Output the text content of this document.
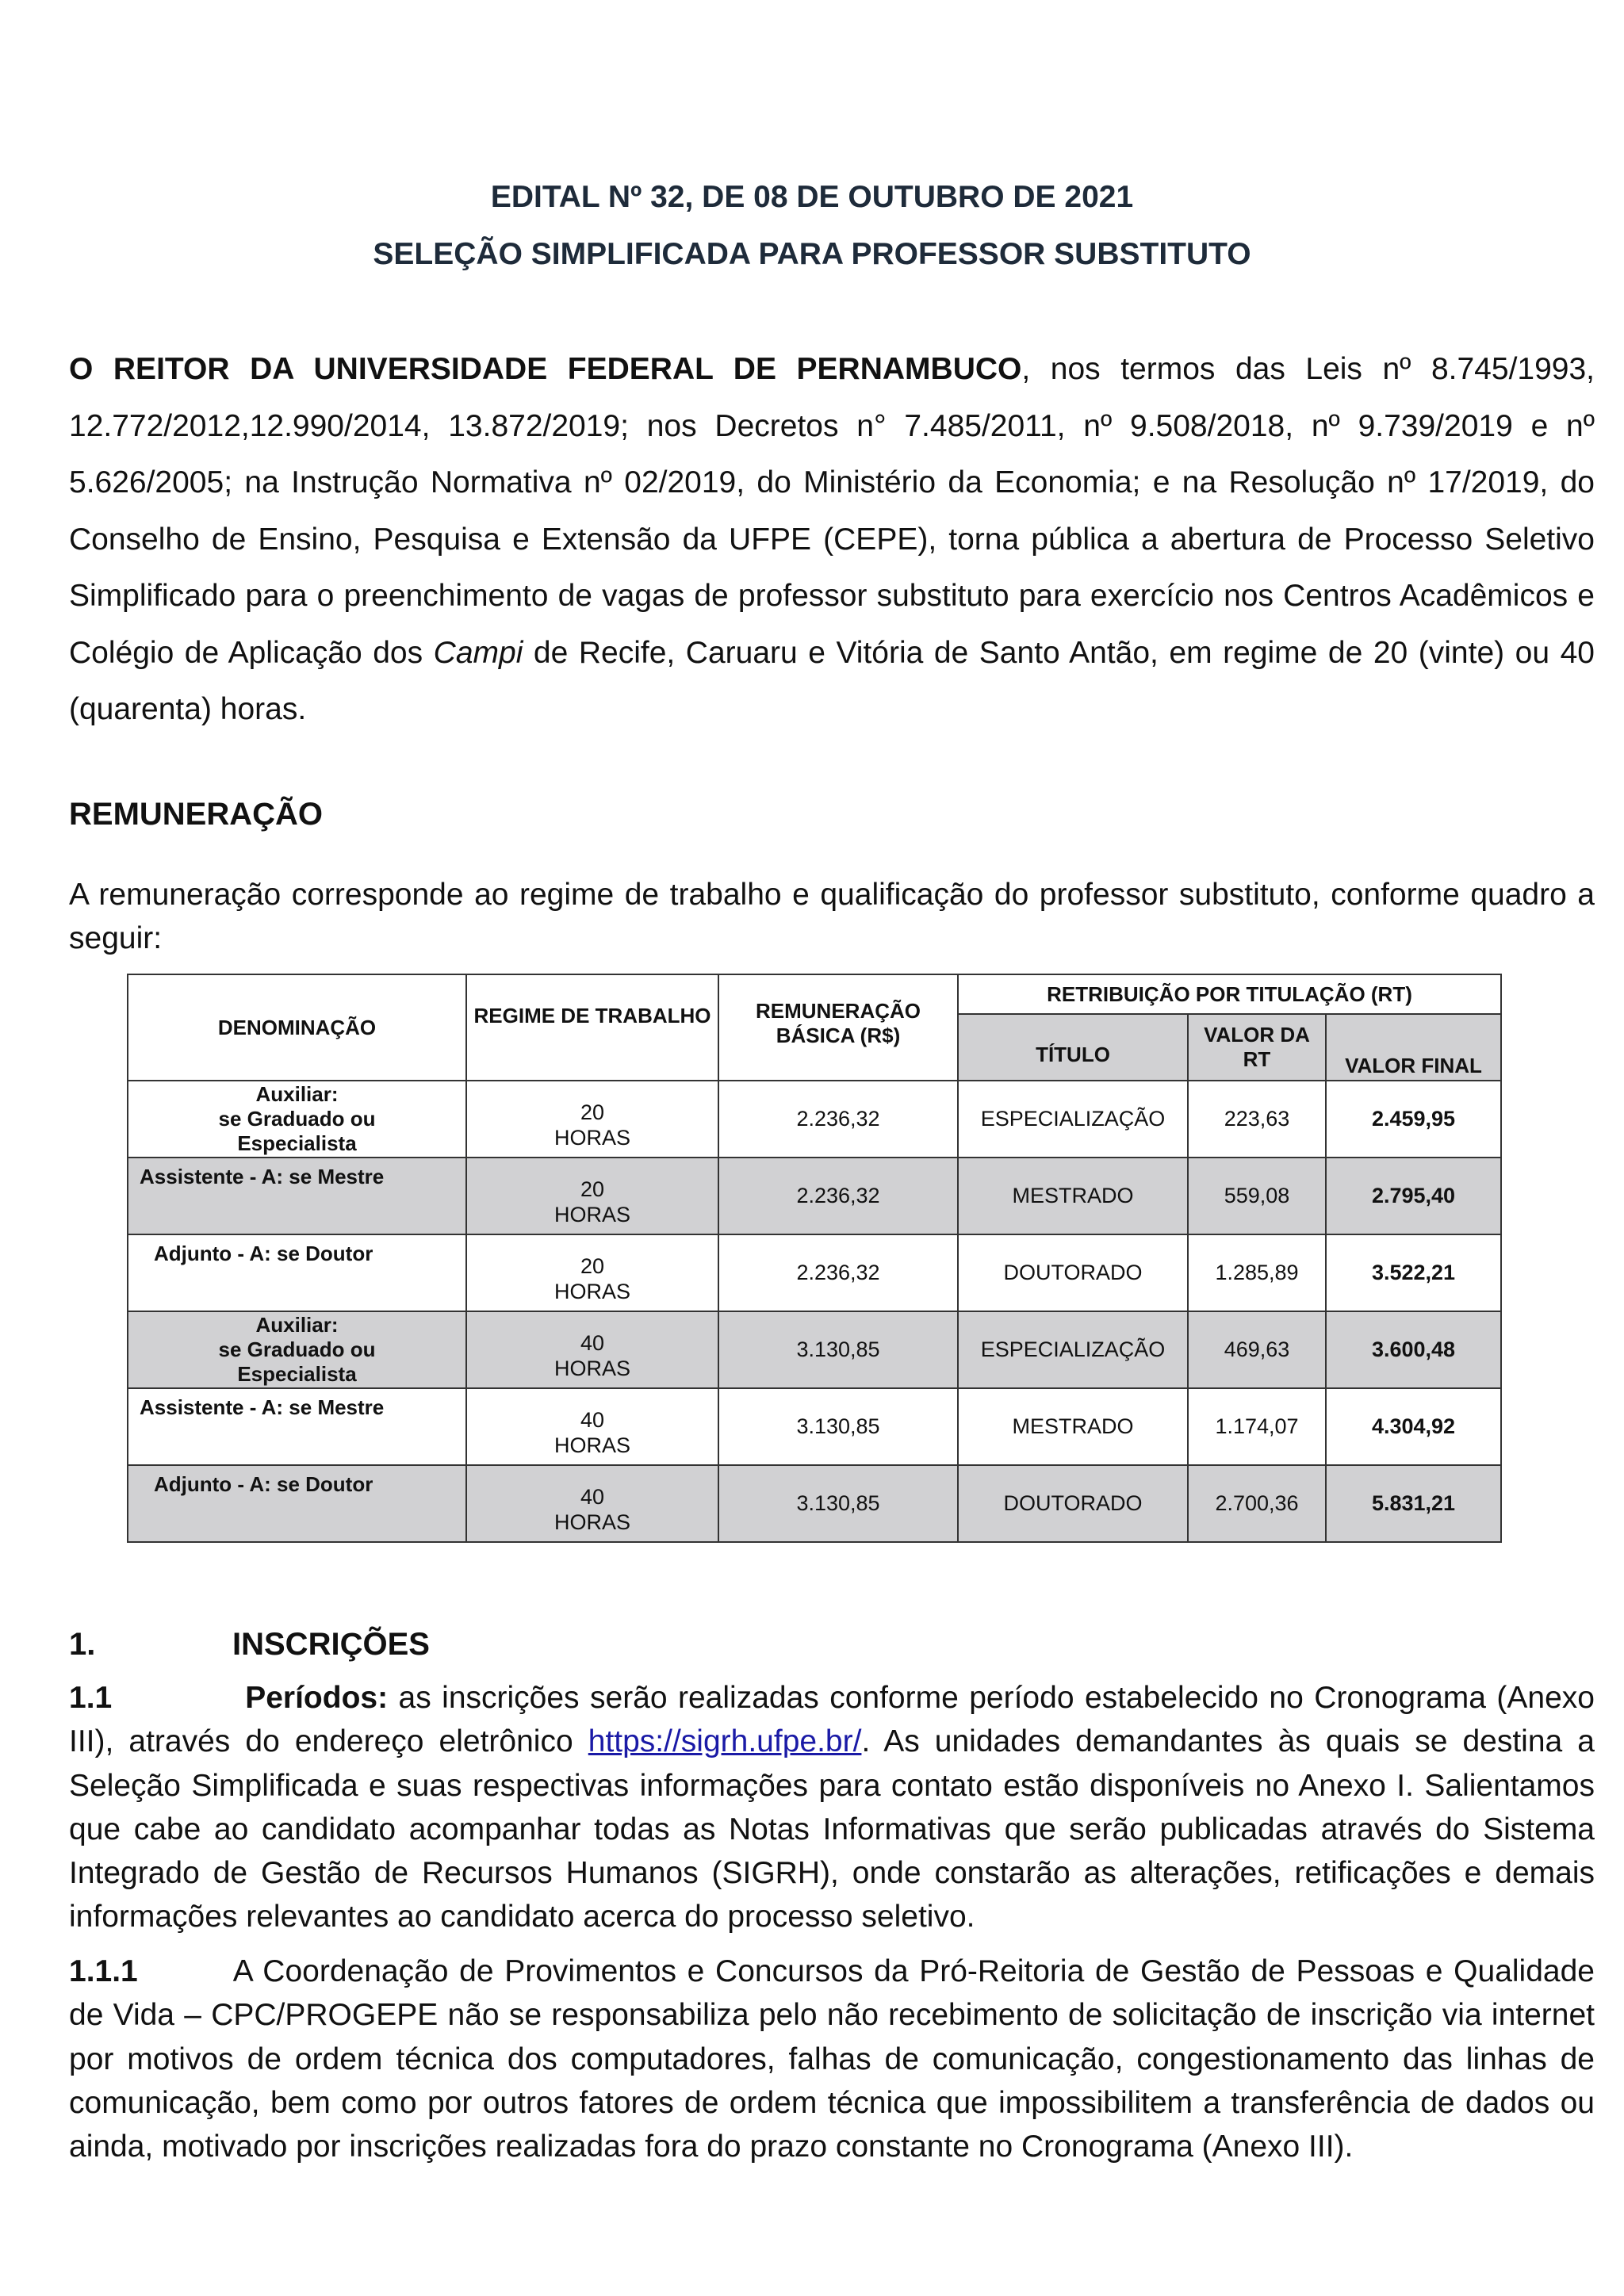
EDITAL Nº 32, DE 08 DE OUTUBRO DE 2021
SELEÇÃO SIMPLIFICADA PARA PROFESSOR SUBSTITUTO

O REITOR DA UNIVERSIDADE FEDERAL DE PERNAMBUCO, nos termos das Leis nº 8.745/1993, 12.772/2012,12.990/2014, 13.872/2019; nos Decretos n° 7.485/2011, nº 9.508/2018, nº 9.739/2019 e nº 5.626/2005; na Instrução Normativa nº 02/2019, do Ministério da Economia; e na Resolução nº 17/2019, do Conselho de Ensino, Pesquisa e Extensão da UFPE (CEPE), torna pública a abertura de Processo Seletivo Simplificado para o preenchimento de vagas de professor substituto para exercício nos Centros Acadêmicos e Colégio de Aplicação dos Campi de Recife, Caruaru e Vitória de Santo Antão, em regime de 20 (vinte) ou 40 (quarenta) horas.

REMUNERAÇÃO

A remuneração corresponde ao regime de trabalho e qualificação do professor substituto, conforme quadro a seguir:

DENOMINAÇÃO	REGIME DE TRABALHO	REMUNERAÇÃO BÁSICA (R$)	RETRIBUIÇÃO POR TITULAÇÃO (RT)		
			TÍTULO	VALOR DA RT	VALOR FINAL
Auxiliar:
se Graduado ou
Especialista	20
HORAS	2.236,32	ESPECIALIZAÇÃO	223,63	2.459,95
Assistente - A: se Mestre	20
HORAS	2.236,32	MESTRADO	559,08	2.795,40
Adjunto - A: se Doutor	20
HORAS	2.236,32	DOUTORADO	1.285,89	3.522,21
Auxiliar:
se Graduado ou
Especialista	40
HORAS	3.130,85	ESPECIALIZAÇÃO	469,63	3.600,48
Assistente - A: se Mestre	40
HORAS	3.130,85	MESTRADO	1.174,07	4.304,92
Adjunto - A: se Doutor	40
HORAS	3.130,85	DOUTORADO	2.700,36	5.831,21
1.	INSCRIÇÕES

1.1	Períodos: as inscrições serão realizadas conforme período estabelecido no Cronograma (Anexo III), através do endereço eletrônico https://sigrh.ufpe.br/. As unidades demandantes às quais se destina a Seleção Simplificada e suas respectivas informações para contato estão disponíveis no Anexo I. Salientamos que cabe ao candidato acompanhar todas as Notas Informativas que serão publicadas através do Sistema Integrado de Gestão de Recursos Humanos (SIGRH), onde constarão as alterações, retificações e demais informações relevantes ao candidato acerca do processo seletivo.

1.1.1	A Coordenação de Provimentos e Concursos da Pró-Reitoria de Gestão de Pessoas e Qualidade de Vida – CPC/PROGEPE não se responsabiliza pelo não recebimento de solicitação de inscrição via internet por motivos de ordem técnica dos computadores, falhas de comunicação, congestionamento das linhas de comunicação, bem como por outros fatores de ordem técnica que impossibilitem a transferência de dados ou ainda, motivado por inscrições realizadas fora do prazo constante no Cronograma (Anexo III).
